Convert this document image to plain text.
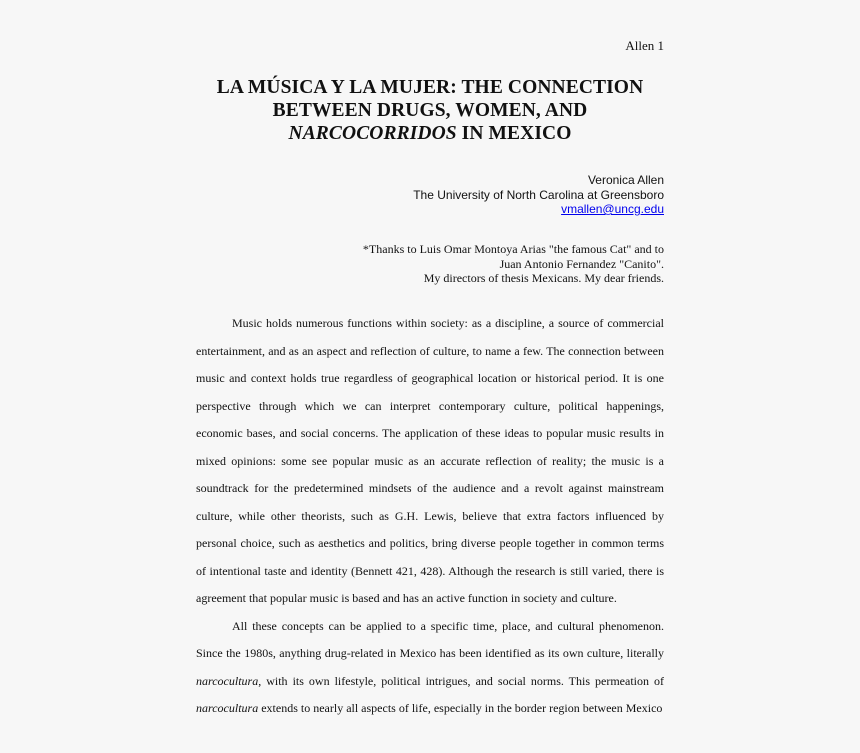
Allen 1
LA MÚSICA Y LA MUJER: THE CONNECTION
BETWEEN DRUGS, WOMEN, AND
NARCOCORRIDOS IN MEXICO
Veronica Allen
The University of North Carolina at Greensboro
vmallen@uncg.edu
*Thanks to Luis Omar Montoya Arias "the famous Cat" and to
Juan Antonio Fernandez "Canito".
My directors of thesis Mexicans. My dear friends.

Music holds numerous functions within society: as a discipline, a source of commercial entertainment, and as an aspect and reflection of culture, to name a few. The connection between music and context holds true regardless of geographical location or historical period. It is one perspective through which we can interpret contemporary culture, political happenings, economic bases, and social concerns. The application of these ideas to popular music results in mixed opinions: some see popular music as an accurate reflection of reality; the music is a soundtrack for the predetermined mindsets of the audience and a revolt against mainstream culture, while other theorists, such as G.H. Lewis, believe that extra factors influenced by personal choice, such as aesthetics and politics, bring diverse people together in common terms of intentional taste and identity (Bennett 421, 428). Although the research is still varied, there is agreement that popular music is based and has an active function in society and culture.

All these concepts can be applied to a specific time, place, and cultural phenomenon. Since the 1980s, anything drug-related in Mexico has been identified as its own culture, literally narcocultura, with its own lifestyle, political intrigues, and social norms. This permeation of narcocultura extends to nearly all aspects of life, especially in the border region between Mexico
